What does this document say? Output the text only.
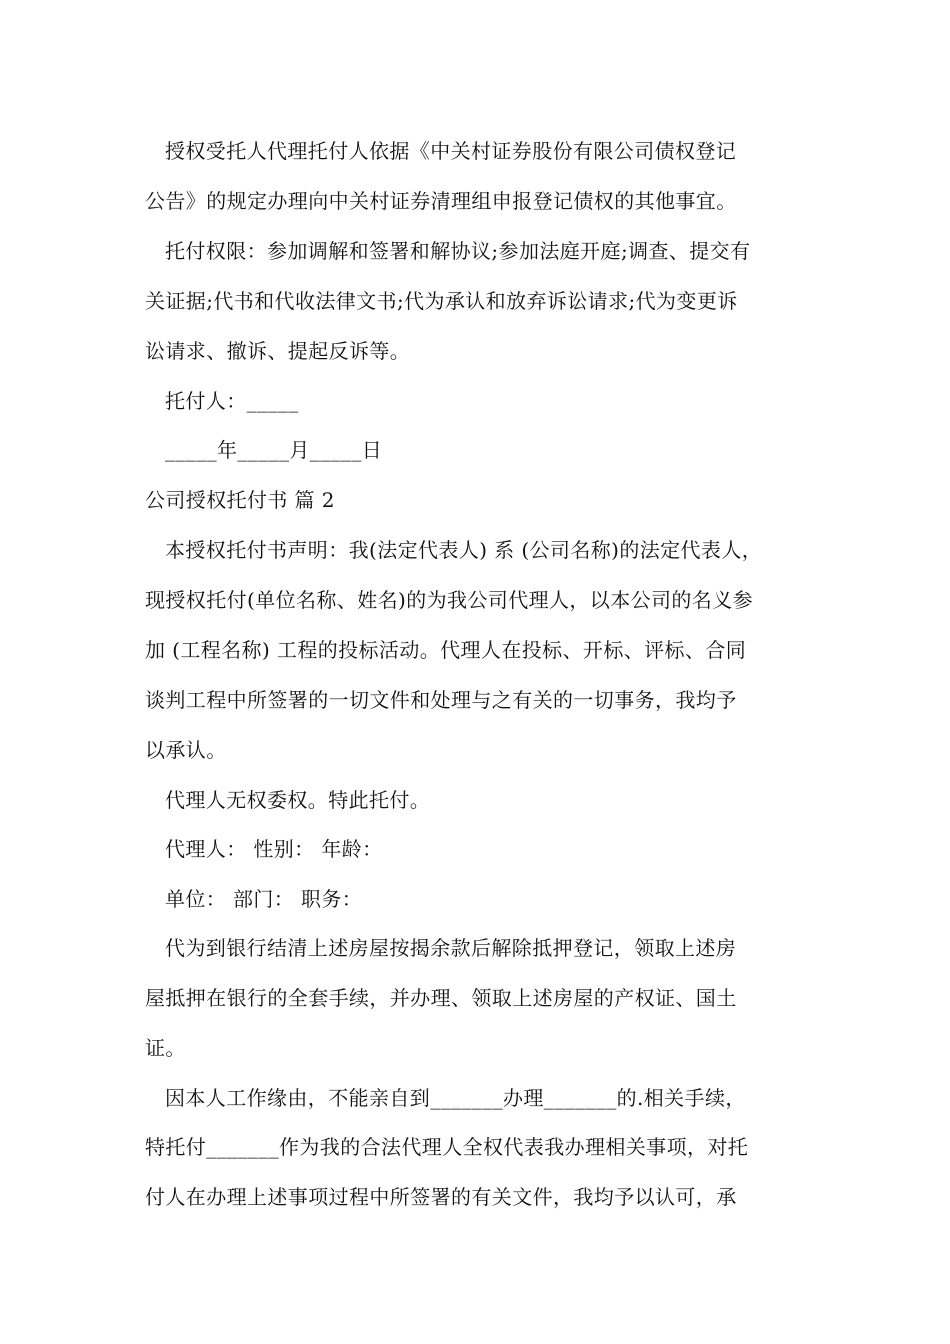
授权受托人代理托付人依据《中关村证券股份有限公司债权登记
公告》的规定办理向中关村证券清理组申报登记债权的其他事宜。
托付权限：参加调解和签署和解协议;参加法庭开庭;调查、提交有
关证据;代书和代收法律文书;代为承认和放弃诉讼请求;代为变更诉
讼请求、撤诉、提起反诉等。
托付人：_____
_____年_____月_____日
公司授权托付书 篇 2
本授权托付书声明：我(法定代表人) 系 (公司名称)的法定代表人，
现授权托付(单位名称、姓名)的为我公司代理人，以本公司的名义参
加 (工程名称) 工程的投标活动。代理人在投标、开标、评标、合同
谈判工程中所签署的一切文件和处理与之有关的一切事务，我均予
以承认。
代理人无权委权。特此托付。
代理人： 性别： 年龄：
单位： 部门： 职务：
代为到银行结清上述房屋按揭余款后解除抵押登记，领取上述房
屋抵押在银行的全套手续，并办理、领取上述房屋的产权证、国土
证。
因本人工作缘由，不能亲自到_______办理_______的.相关手续，
特托付_______作为我的合法代理人全权代表我办理相关事项，对托
付人在办理上述事项过程中所签署的有关文件，我均予以认可，承
